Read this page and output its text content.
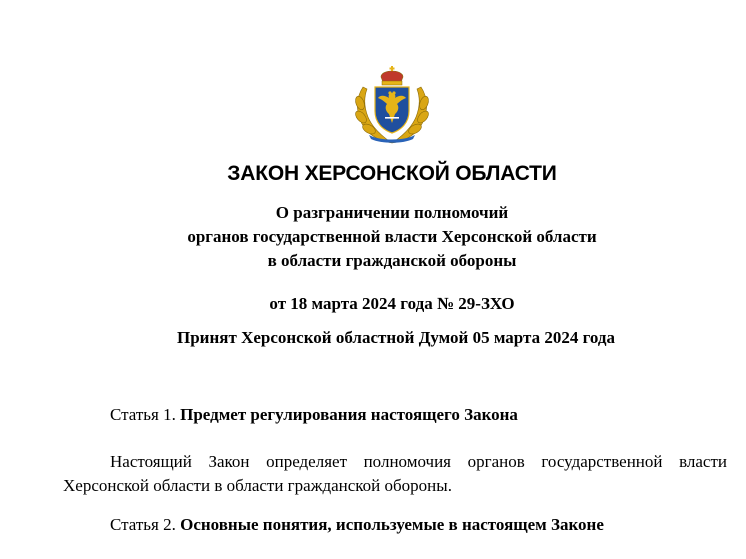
ЗАКОН ХЕРСОНСКОЙ ОБЛАСТИ
О разграничении полномочий
органов государственной власти Херсонской области
в области гражданской обороны

от 18 марта 2024 года № 29-ЗХО

Принят Херсонской областной Думой 05 марта 2024 года

Статья 1. Предмет регулирования настоящего Закона

Настоящий Закон определяет полномочия органов государственной власти Херсонской области в области гражданской обороны.

Статья 2. Основные понятия, используемые в настоящем Законе
